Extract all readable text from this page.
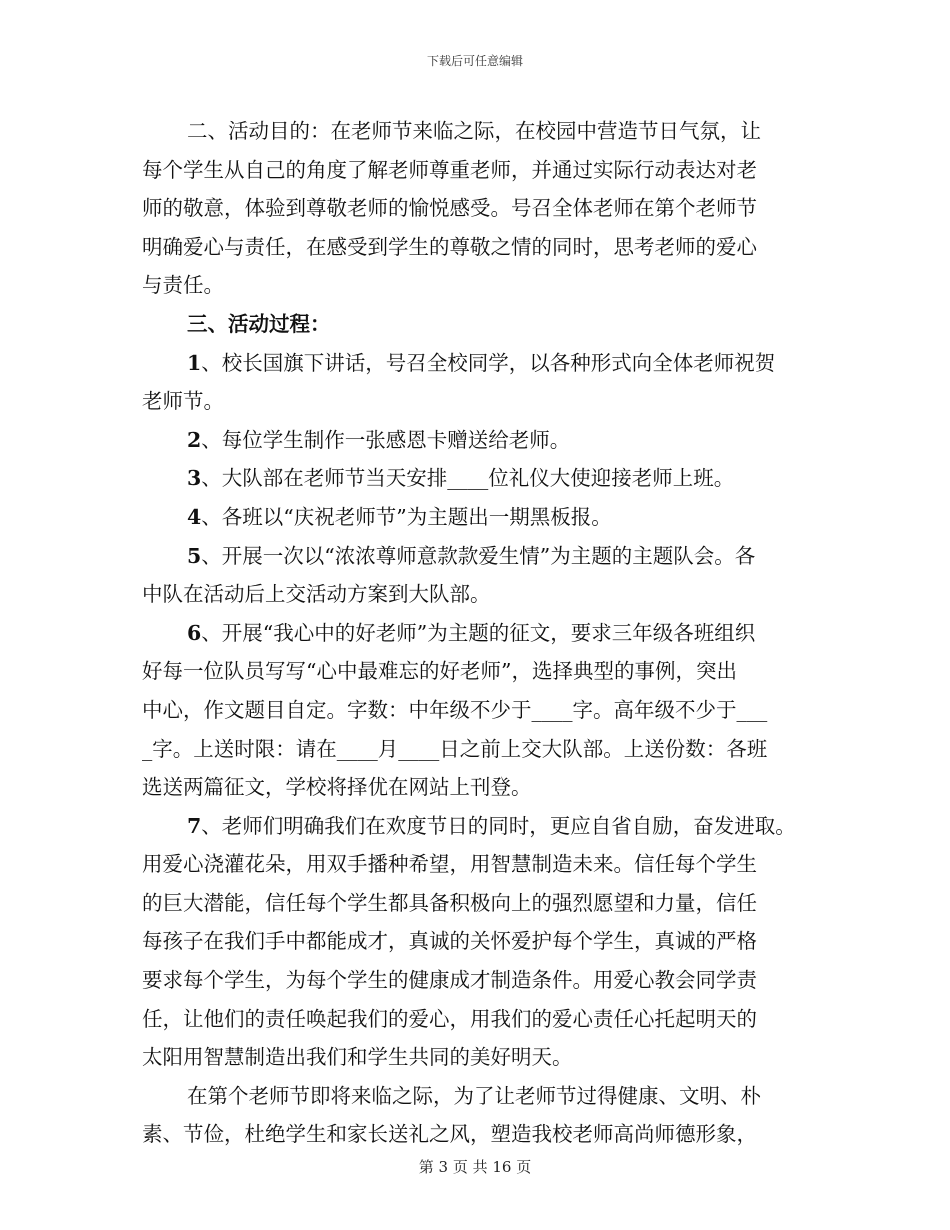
下载后可任意编辑
二、活动目的：在老师节来临之际，在校园中营造节日气氛，让
每个学生从自己的角度了解老师尊重老师，并通过实际行动表达对老
师的敬意，体验到尊敬老师的愉悦感受。号召全体老师在第个老师节
明确爱心与责任，在感受到学生的尊敬之情的同时，思考老师的爱心
与责任。
三、活动过程：
1、校长国旗下讲话，号召全校同学，以各种形式向全体老师祝贺
老师节。
2、每位学生制作一张感恩卡赠送给老师。
3、大队部在老师节当天安排____位礼仪大使迎接老师上班。
4、各班以“庆祝老师节”为主题出一期黑板报。
5、开展一次以“浓浓尊师意款款爱生情”为主题的主题队会。各
中队在活动后上交活动方案到大队部。
6、开展“我心中的好老师”为主题的征文，要求三年级各班组织
好每一位队员写写“心中最难忘的好老师”，选择典型的事例，突出
中心，作文题目自定。字数：中年级不少于____字。高年级不少于___
_字。上送时限：请在____月____日之前上交大队部。上送份数：各班
选送两篇征文，学校将择优在网站上刊登。
7、老师们明确我们在欢度节日的同时，更应自省自励，奋发进取。
用爱心浇灌花朵，用双手播种希望，用智慧制造未来。信任每个学生
的巨大潜能，信任每个学生都具备积极向上的强烈愿望和力量，信任
每孩子在我们手中都能成才，真诚的关怀爱护每个学生，真诚的严格
要求每个学生，为每个学生的健康成才制造条件。用爱心教会同学责
任，让他们的责任唤起我们的爱心，用我们的爱心责任心托起明天的
太阳用智慧制造出我们和学生共同的美好明天。
在第个老师节即将来临之际，为了让老师节过得健康、文明、朴
素、节俭，杜绝学生和家长送礼之风，塑造我校老师高尚师德形象，
第 3 页 共 16 页
